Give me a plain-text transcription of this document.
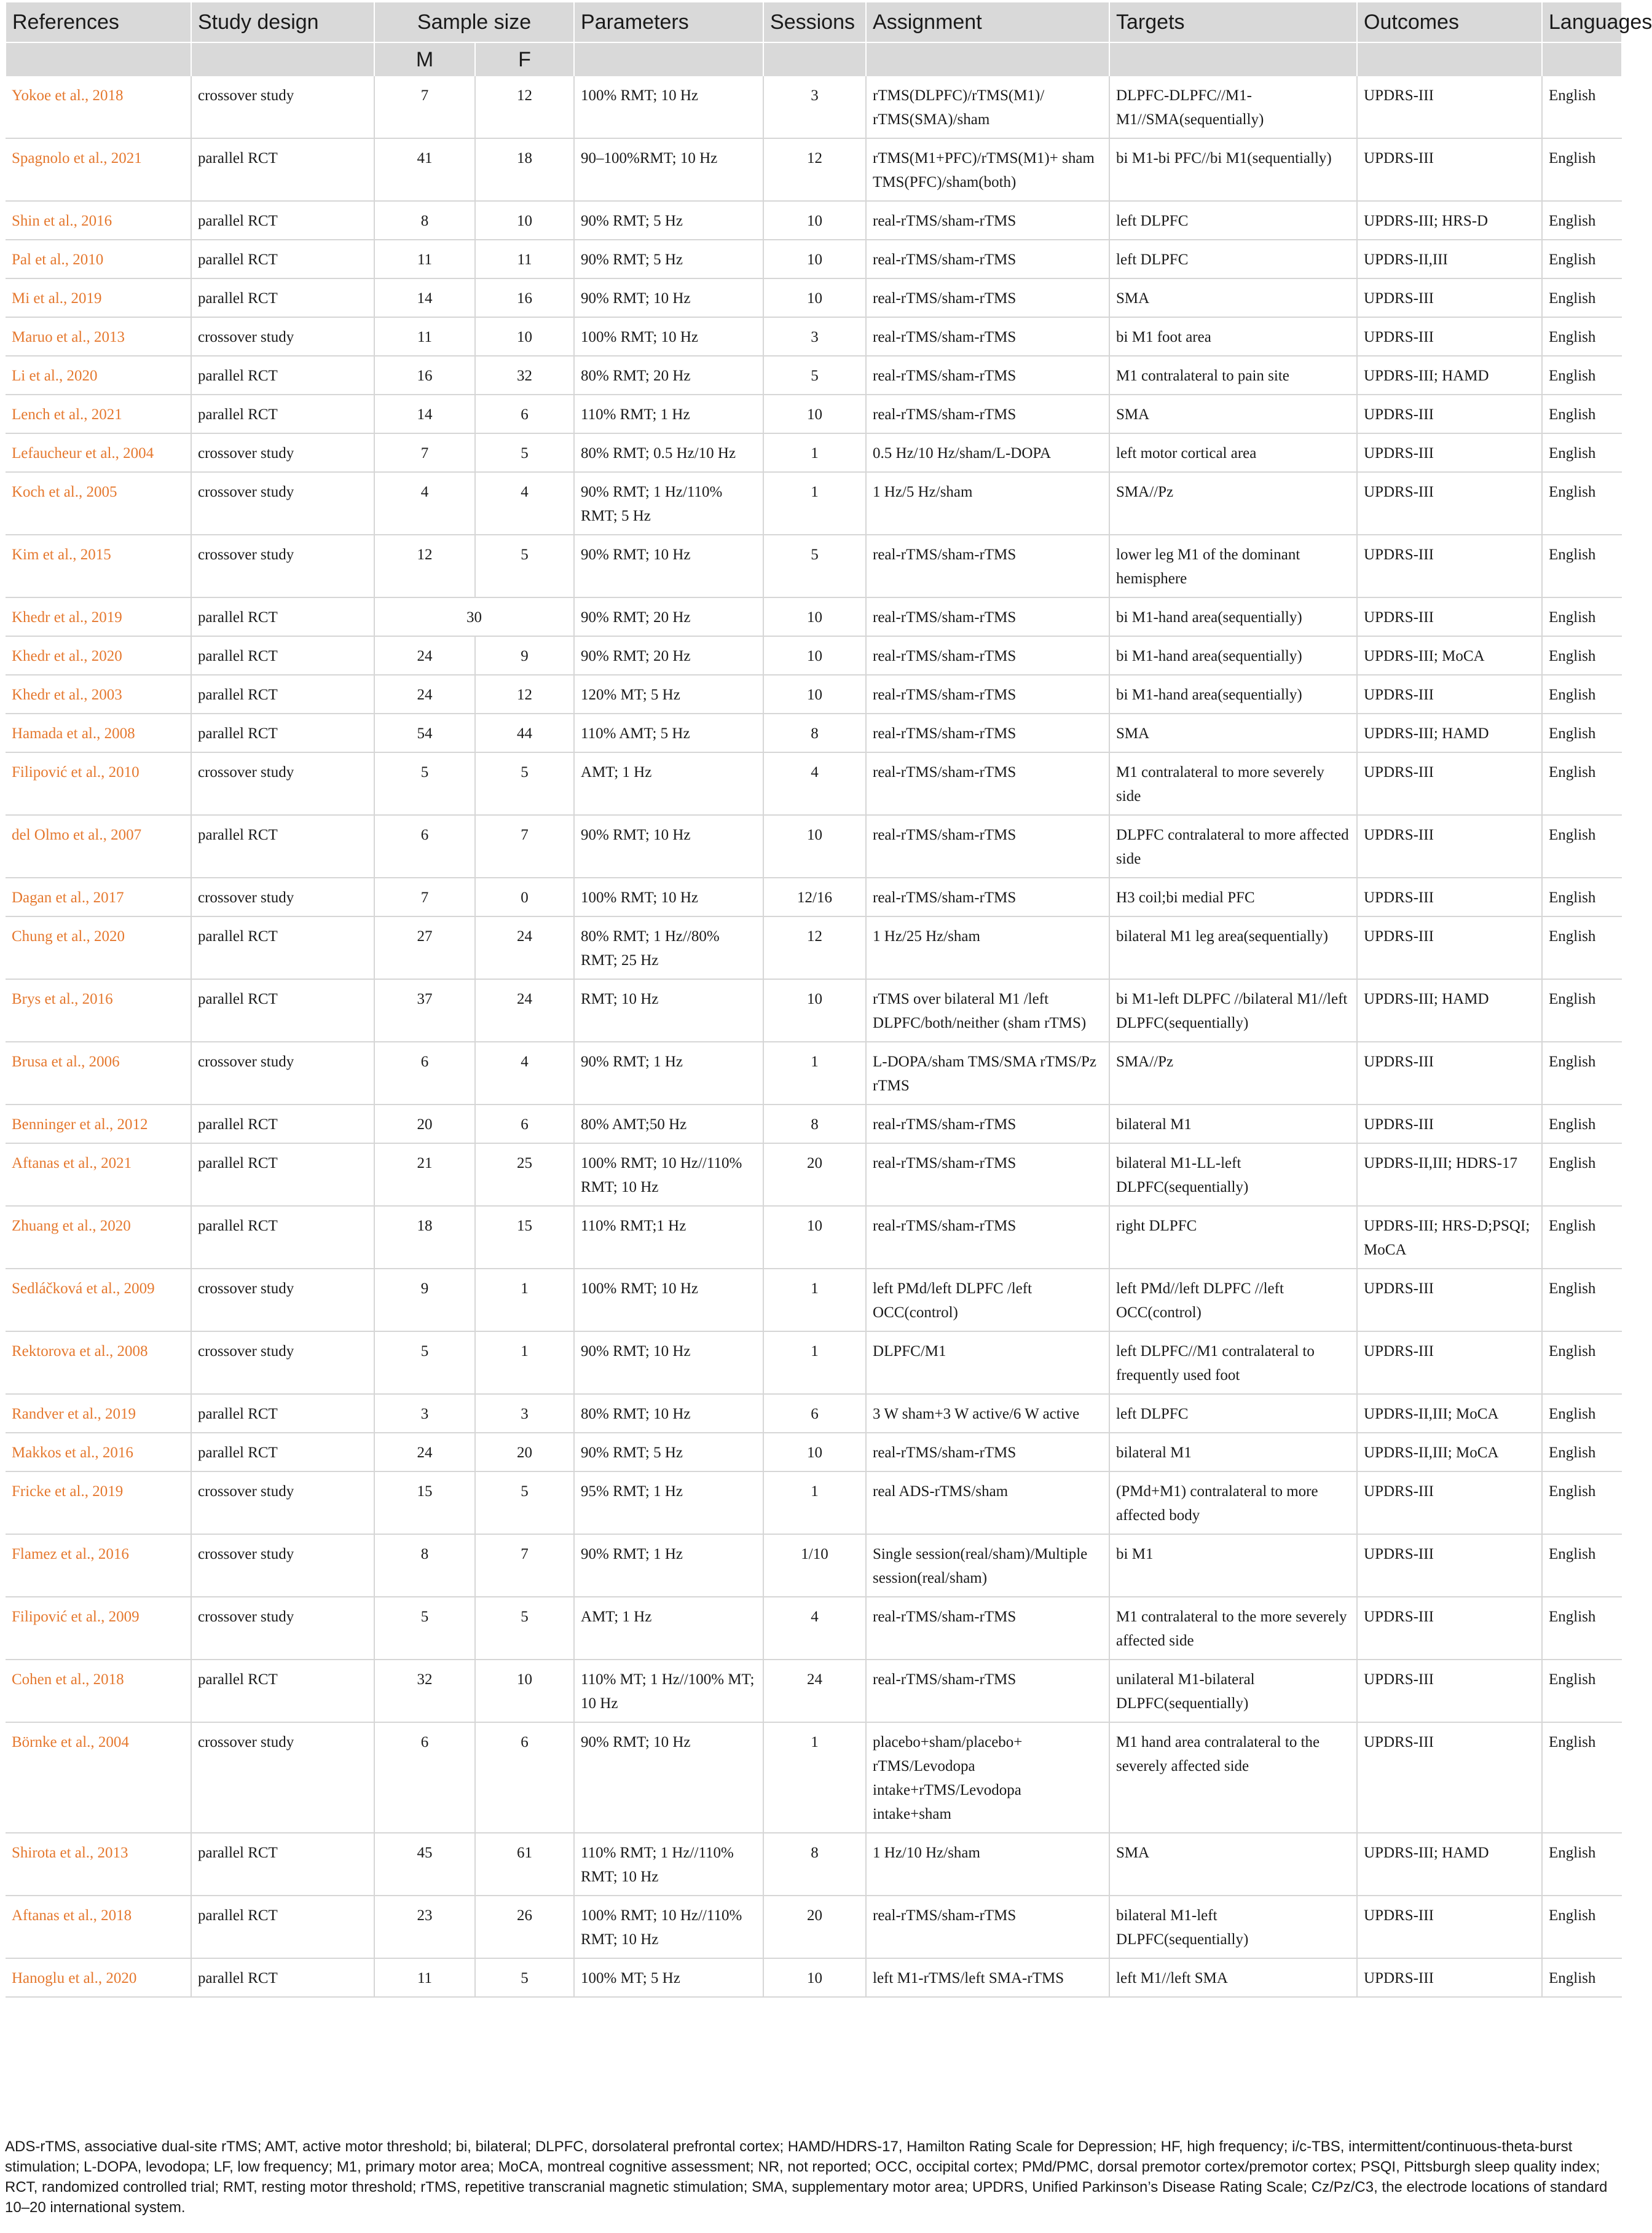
References	Study design	Sample size		Parameters	Sessions	Assignment	Targets	Outcomes	Languages
		M	F						
Yokoe et al., 2018	crossover study	7	12	100% RMT; 10 Hz	3	rTMS(DLPFC)/rTMS(M1)/ rTMS(SMA)/sham	DLPFC-DLPFC//M1-M1//SMA(sequentially)	UPDRS-III	English
Spagnolo et al., 2021	parallel RCT	41	18	90–100%RMT; 10 Hz	12	rTMS(M1+PFC)/rTMS(M1)+ sham TMS(PFC)/sham(both)	bi M1-bi PFC//bi M1(sequentially)	UPDRS-III	English
Shin et al., 2016	parallel RCT	8	10	90% RMT; 5 Hz	10	real-rTMS/sham-rTMS	left DLPFC	UPDRS-III; HRS-D	English
Pal et al., 2010	parallel RCT	11	11	90% RMT; 5 Hz	10	real-rTMS/sham-rTMS	left DLPFC	UPDRS-II,III	English
Mi et al., 2019	parallel RCT	14	16	90% RMT; 10 Hz	10	real-rTMS/sham-rTMS	SMA	UPDRS-III	English
Maruo et al., 2013	crossover study	11	10	100% RMT; 10 Hz	3	real-rTMS/sham-rTMS	bi M1 foot area	UPDRS-III	English
Li et al., 2020	parallel RCT	16	32	80% RMT; 20 Hz	5	real-rTMS/sham-rTMS	M1 contralateral to pain site	UPDRS-III; HAMD	English
Lench et al., 2021	parallel RCT	14	6	110% RMT; 1 Hz	10	real-rTMS/sham-rTMS	SMA	UPDRS-III	English
Lefaucheur et al., 2004	crossover study	7	5	80% RMT; 0.5 Hz/10 Hz	1	0.5 Hz/10 Hz/sham/L-DOPA	left motor cortical area	UPDRS-III	English
Koch et al., 2005	crossover study	4	4	90% RMT; 1 Hz/110% RMT; 5 Hz	1	1 Hz/5 Hz/sham	SMA//Pz	UPDRS-III	English
Kim et al., 2015	crossover study	12	5	90% RMT; 10 Hz	5	real-rTMS/sham-rTMS	lower leg M1 of the dominant hemisphere	UPDRS-III	English
Khedr et al., 2019	parallel RCT	30		90% RMT; 20 Hz	10	real-rTMS/sham-rTMS	bi M1-hand area(sequentially)	UPDRS-III	English
Khedr et al., 2020	parallel RCT	24	9	90% RMT; 20 Hz	10	real-rTMS/sham-rTMS	bi M1-hand area(sequentially)	UPDRS-III; MoCA	English
Khedr et al., 2003	parallel RCT	24	12	120% MT; 5 Hz	10	real-rTMS/sham-rTMS	bi M1-hand area(sequentially)	UPDRS-III	English
Hamada et al., 2008	parallel RCT	54	44	110% AMT; 5 Hz	8	real-rTMS/sham-rTMS	SMA	UPDRS-III; HAMD	English
Filipović et al., 2010	crossover study	5	5	AMT; 1 Hz	4	real-rTMS/sham-rTMS	M1 contralateral to more severely side	UPDRS-III	English
del Olmo et al., 2007	parallel RCT	6	7	90% RMT; 10 Hz	10	real-rTMS/sham-rTMS	DLPFC contralateral to more affected side	UPDRS-III	English
Dagan et al., 2017	crossover study	7	0	100% RMT; 10 Hz	12/16	real-rTMS/sham-rTMS	H3 coil;bi medial PFC	UPDRS-III	English
Chung et al., 2020	parallel RCT	27	24	80% RMT; 1 Hz//80% RMT; 25 Hz	12	1 Hz/25 Hz/sham	bilateral M1 leg area(sequentially)	UPDRS-III	English
Brys et al., 2016	parallel RCT	37	24	RMT; 10 Hz	10	rTMS over bilateral M1 /left DLPFC/both/neither (sham rTMS)	bi M1-left DLPFC //bilateral M1//left DLPFC(sequentially)	UPDRS-III; HAMD	English
Brusa et al., 2006	crossover study	6	4	90% RMT; 1 Hz	1	L-DOPA/sham TMS/SMA rTMS/Pz rTMS	SMA//Pz	UPDRS-III	English
Benninger et al., 2012	parallel RCT	20	6	80% AMT;50 Hz	8	real-rTMS/sham-rTMS	bilateral M1	UPDRS-III	English
Aftanas et al., 2021	parallel RCT	21	25	100% RMT; 10 Hz//110% RMT; 10 Hz	20	real-rTMS/sham-rTMS	bilateral M1-LL-left DLPFC(sequentially)	UPDRS-II,III; HDRS-17	English
Zhuang et al., 2020	parallel RCT	18	15	110% RMT;1 Hz	10	real-rTMS/sham-rTMS	right DLPFC	UPDRS-III; HRS-D;PSQI; MoCA	English
Sedláčková et al., 2009	crossover study	9	1	100% RMT; 10 Hz	1	left PMd/left DLPFC /left OCC(control)	left PMd//left DLPFC //left OCC(control)	UPDRS-III	English
Rektorova et al., 2008	crossover study	5	1	90% RMT; 10 Hz	1	DLPFC/M1	left DLPFC//M1 contralateral to frequently used foot	UPDRS-III	English
Randver et al., 2019	parallel RCT	3	3	80% RMT; 10 Hz	6	3 W sham+3 W active/6 W active	left DLPFC	UPDRS-II,III; MoCA	English
Makkos et al., 2016	parallel RCT	24	20	90% RMT; 5 Hz	10	real-rTMS/sham-rTMS	bilateral M1	UPDRS-II,III; MoCA	English
Fricke et al., 2019	crossover study	15	5	95% RMT; 1 Hz	1	real ADS-rTMS/sham	(PMd+M1) contralateral to more affected body	UPDRS-III	English
Flamez et al., 2016	crossover study	8	7	90% RMT; 1 Hz	1/10	Single session(real/sham)/Multiple session(real/sham)	bi M1	UPDRS-III	English
Filipović et al., 2009	crossover study	5	5	AMT; 1 Hz	4	real-rTMS/sham-rTMS	M1 contralateral to the more severely affected side	UPDRS-III	English
Cohen et al., 2018	parallel RCT	32	10	110% MT; 1 Hz//100% MT; 10 Hz	24	real-rTMS/sham-rTMS	unilateral M1-bilateral DLPFC(sequentially)	UPDRS-III	English
Börnke et al., 2004	crossover study	6	6	90% RMT; 10 Hz	1	placebo+sham/placebo+ rTMS/Levodopa intake+rTMS/Levodopa intake+sham	M1 hand area contralateral to the severely affected side	UPDRS-III	English
Shirota et al., 2013	parallel RCT	45	61	110% RMT; 1 Hz//110% RMT; 10 Hz	8	1 Hz/10 Hz/sham	SMA	UPDRS-III; HAMD	English
Aftanas et al., 2018	parallel RCT	23	26	100% RMT; 10 Hz//110% RMT; 10 Hz	20	real-rTMS/sham-rTMS	bilateral M1-left DLPFC(sequentially)	UPDRS-III	English
Hanoglu et al., 2020	parallel RCT	11	5	100% MT; 5 Hz	10	left M1-rTMS/left SMA-rTMS	left M1//left SMA	UPDRS-III	English
ADS-rTMS, associative dual-site rTMS; AMT, active motor threshold; bi, bilateral; DLPFC, dorsolateral prefrontal cortex; HAMD/HDRS-17, Hamilton Rating Scale for Depression; HF, high frequency; i/c-TBS, intermittent/continuous-theta-burst stimulation; L-DOPA, levodopa; LF, low frequency; M1, primary motor area; MoCA, montreal cognitive assessment; NR, not reported; OCC, occipital cortex; PMd/PMC, dorsal premotor cortex/premotor cortex; PSQI, Pittsburgh sleep quality index; RCT, randomized controlled trial; RMT, resting motor threshold; rTMS, repetitive transcranial magnetic stimulation; SMA, supplementary motor area; UPDRS, Unified Parkinson’s Disease Rating Scale; Cz/Pz/C3, the electrode locations of standard 10–20 international system.
